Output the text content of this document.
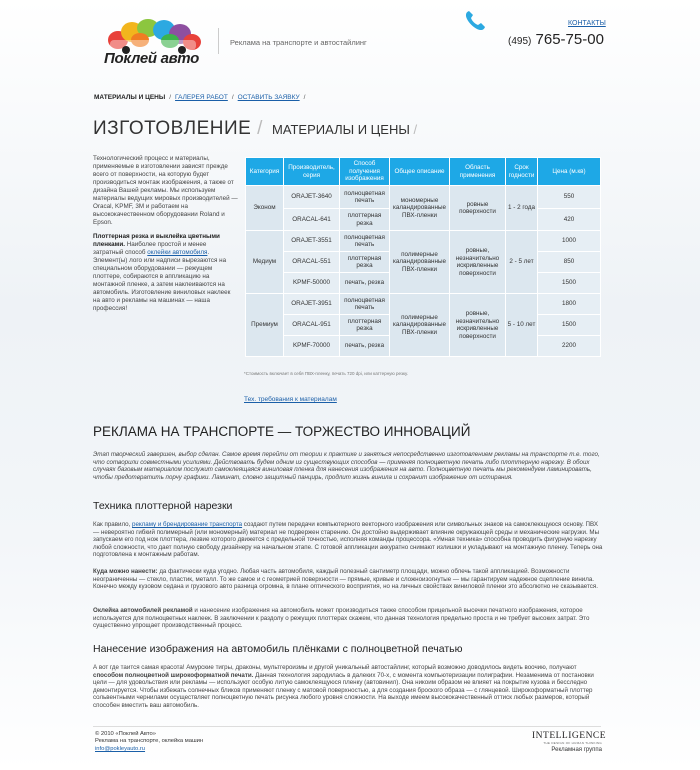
Поклей авто
Реклама на транспорте и автостайлинг
КОНТАКТЫ
(495) 765-75-00
МАТЕРИАЛЫ И ЦЕНЫ / ГАЛЕРЕЯ РАБОТ / ОСТАВИТЬ ЗАЯВКУ /
ИЗГОТОВЛЕНИЕ / МАТЕРИАЛЫ И ЦЕНЫ /

Технологический процесс и материалы, применяемые в изготовлении зависят прежде всего от поверхности, на которую будет производиться монтаж изображения, а также от дизайна Вашей рекламы. Мы используем материалы ведущих мировых производителей — Oracal, KPMF, 3M и работаем на высококачественном оборудовании Roland и Epson.

Плоттерная резка и выклейка цветными пленками. Наиболее простой и менее затратный способ оклейки автомобиля. Элемент(ы) лого или надписи вырезаются на специальном оборудовании — режущем плоттере, собираются в аппликацию на монтажной пленке, а затем наклеиваются на автомобиль. Изготовление виниловых наклеек на авто и рекламы на машинах — наша профессия!

Категория	Производитель, серия	Способ получения изображения	Общее описание	Область применения	Срок годности	Цена (м.кв)
Эконом	ORAJET-3640	полноцветная печать	мономерные каландированные ПВХ-пленки	ровные поверхности	1 - 2 года	550
	ORACAL-641	плоттерная резка				420
Медиум	ORAJET-3551	полноцветная печать	полимерные каландированные ПВХ-пленки	ровные, незначительно искривленные поверхности	2 - 5 лет	1000
	ORACAL-551	плоттерная резка				850
	KPMF-50000	печать, резка				1500
Премиум	ORAJET-3951	полноцветная печать	полимерные каландированные ПВХ-пленки	ровные, незначительно искривленные поверхности	5 - 10 лет	1800
	ORACAL-951	плоттерная резка				1500
	KPMF-70000	печать, резка				2200
*Стоимость включает в себя ПВХ-пленку, печать 720 dpi, или каттерную резку.
Тех. требования к материалам
РЕКЛАМА НА ТРАНСПОРТЕ — ТОРЖЕСТВО ИННОВАЦИЙ
Этап творческий завершен, выбор сделан. Самое время перейти от теории к практике и заняться непосредственно изготовлением рекламы на транспорте т.е. того, что сотворили совместными усилиями. Действовать будем одним из существующих способов — применяя полноцветную печать либо плоттерную нарезку. В обоих случаях базовым материалом послужит самоклеящаяся виниловая пленка для нанесения изображения на авто. Полноцветную печать мы рекомендуем ламинировать, чтобы предотвратить порчу графики. Ламинат, словно защитный панцирь, продлит жизнь винила и сохранит изображение от истирания.
Техника плоттерной нарезки
Как правило, рекламу и брендирование транспорта создают путем передачи компьютерного векторного изображения или символьных знаков на самоклеющуюся основу. ПВХ — невероятно гибкий полимерный (или мономерный) материал не подвержен старению. Он достойно выдерживает влияние окружающей среды и механические нагрузки. Мы запускаем его под нож плоттера, лезвие которого движется с предельной точностью, исполняя команды процессора. «Умная техника» способна проводить фигурную нарезку любой сложности, что дает полную свободу дизайнеру на начальном этапе. С готовой аппликации аккуратно снимают излишки и укладывают на монтажную пленку. Теперь она подготовлена к монтажным работам.
Куда можно нанести: да фактически куда угодно. Любая часть автомобиля, каждый полезный сантиметр площади, можно облечь такой аппликацией. Возможности неограниченны — стекло, пластик, металл. То же самое и с геометрией поверхности — прямые, кривые и сложноизогнутые — мы гарантируем надежное сцепление винила. Конечно между кузовом седана и грузового авто разница огромна, в плане оптического восприятия, но на личных свойствах виниловой пленки это абсолютно не сказывается.
Оклейка автомобилей рекламой и нанесение изображения на автомобиль может производиться также способом прицельной высечки печатного изображения, которое используется для полноцветных наклеек. В заключении к раздолу о режущих плоттерах скажем, что данная технология предельно проста и не требует высоких затрат. Это существенно упрощает производственный процесс.
Нанесение изображения на автомобиль плёнками с полноцветной печатью
А вот где таится самая красота! Амурские тигры, драконы, мультгероизмы и другой уникальный автостайлинг, который возможно доводилось видеть воочию, получают способом полноцветной широкоформатной печати. Данная технология зародилась в далеких 70-х, с момента компьютеризации полиграфии. Незаменима от постановки цели — для удовольствия или рекламы — используют особую литую самоклеящуюся пленку (автовинил). Она никоим образом не влияет на покрытие кузова и бесследно демонтируется. Чтобы избежать солнечных бликов применяют пленку с матовой поверхностью, а для создания броского образа — с глянцевой. Широкоформатный плоттер сольвентными чернилами осуществляет полноцветную печать рисунка любого уровня сложности. На выходе имеем высококачественный оттиск любых размеров, который способен вместить ваш автомобиль.
© 2010 «Поклей Авто»
Реклама на транспорте, оклейка машин
info@pokleyauto.ru
INTELLIGENCE
THE DESIGN OF HUMAN THINKING
Рекламная группа
